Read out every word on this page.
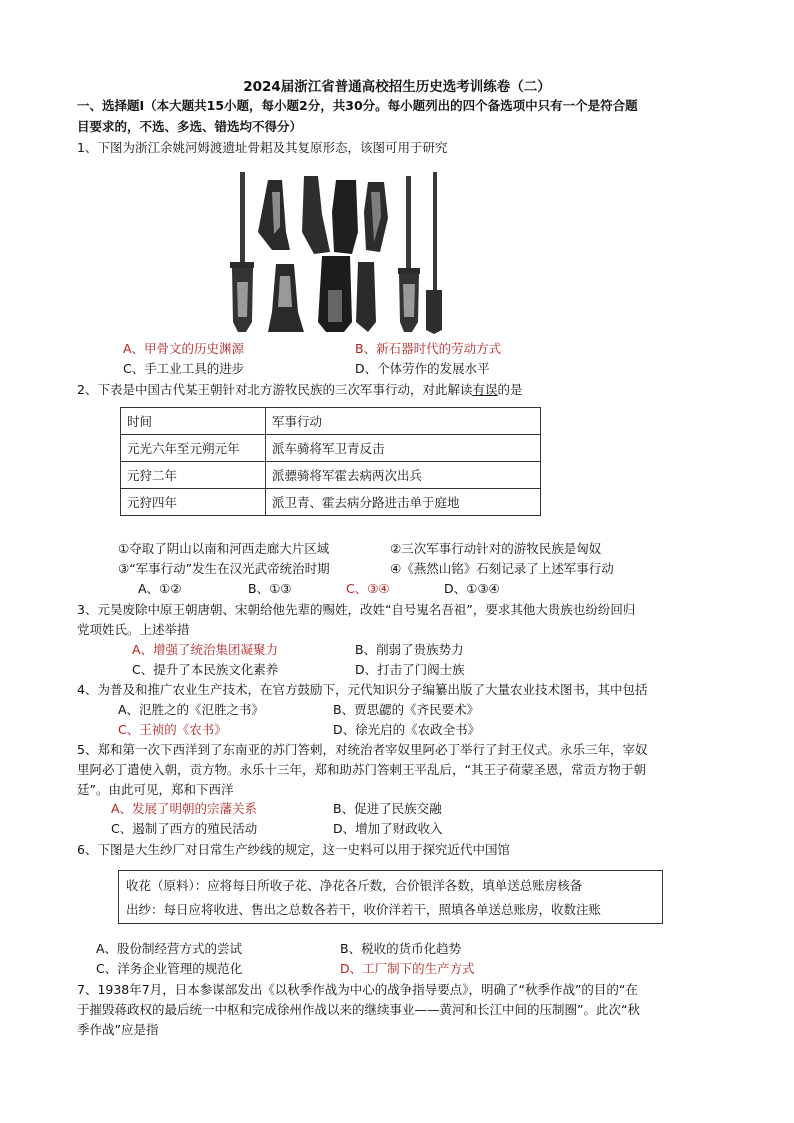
2024届浙江省普通高校招生历史选考训练卷（二）
一、选择题Ⅰ（本大题共15小题，每小题2分，共30分。每小题列出的四个备选项中只有一个是符合题
目要求的，不选、多选、错选均不得分）
1、下图为浙江余姚河姆渡遗址骨耜及其复原形态，该图可用于研究
A、甲骨文的历史渊源	B、新石器时代的劳动方式
C、手工业工具的进步	D、个体劳作的发展水平
2、下表是中国古代某王朝针对北方游牧民族的三次军事行动，对此解读有误的是
时间	军事行动
元光六年至元朔元年	派车骑将军卫青反击
元狩二年	派骠骑将军霍去病两次出兵
元狩四年	派卫青、霍去病分路进击单于庭地
①夺取了阴山以南和河西走廊大片区域	②三次军事行动针对的游牧民族是匈奴
③“军事行动”发生在汉光武帝统治时期	④《燕然山铭》石刻记录了上述军事行动
A、①②	B、①③	C、③④	D、①③④
3、元昊废除中原王朝唐朝、宋朝给他先辈的赐姓，改姓“自号嵬名吾祖”，要求其他大贵族也纷纷回归
党项姓氏。上述举措
A、增强了统治集团凝聚力	B、削弱了贵族势力
C、提升了本民族文化素养	D、打击了门阀士族
4、为普及和推广农业生产技术，在官方鼓励下，元代知识分子编纂出版了大量农业技术图书，其中包括
A、氾胜之的《氾胜之书》	B、贾思勰的《齐民要术》
C、王祯的《农书》	D、徐光启的《农政全书》
5、郑和第一次下西洋到了东南亚的苏门答剌，对统治者宰奴里阿必丁举行了封王仪式。永乐三年，宰奴
里阿必丁遣使入朝，贡方物。永乐十三年，郑和助苏门答剌王平乱后，“其王子荷蒙圣恩，常贡方物于朝
廷”。由此可见，郑和下西洋
A、发展了明朝的宗藩关系	B、促进了民族交融
C、遏制了西方的殖民活动	D、增加了财政收入
6、下图是大生纱厂对日常生产纱线的规定，这一史料可以用于探究近代中国馆
收花（原料）：应将每日所收子花、净花各斤数，合价银洋各数，填单送总账房核备
出纱：每日应将收进、售出之总数各若干，收价洋若干，照填各单送总账房，收数注账
A、股份制经营方式的尝试	B、税收的货币化趋势
C、洋务企业管理的规范化	D、工厂制下的生产方式
7、1938年7月，日本参谋部发出《以秋季作战为中心的战争指导要点》，明确了“秋季作战”的目的“在
于摧毁蒋政权的最后统一中枢和完成徐州作战以来的继续事业——黄河和长江中间的压制圈”。此次“秋
季作战”应是指
